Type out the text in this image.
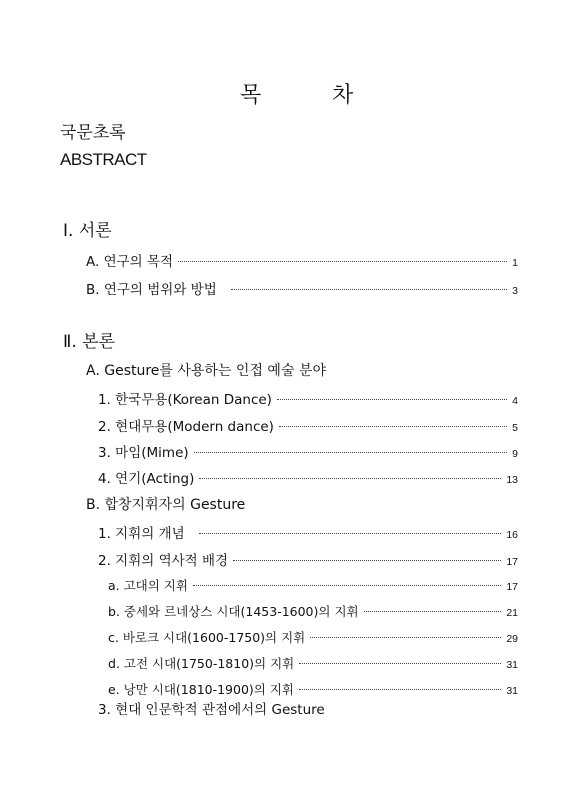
목	차
국문초록
ABSTRACT
Ⅰ. 서론
A. 연구의 목적	1
B. 연구의 범위와 방법	3
Ⅱ. 본론
A. Gesture를 사용하는 인접 예술 분야
1. 한국무용(Korean Dance)	4
2. 현대무용(Modern dance)	5
3. 마임(Mime)	9
4. 연기(Acting)	13
B. 합창지휘자의 Gesture
1. 지휘의 개념	16
2. 지휘의 역사적 배경	17
a. 고대의 지휘	17
b. 중세와 르네상스 시대(1453-1600)의 지휘	21
c. 바로크 시대(1600-1750)의 지휘	29
d. 고전 시대(1750-1810)의 지휘	31
e. 낭만 시대(1810-1900)의 지휘	31
3. 현대 인문학적 관점에서의 Gesture
